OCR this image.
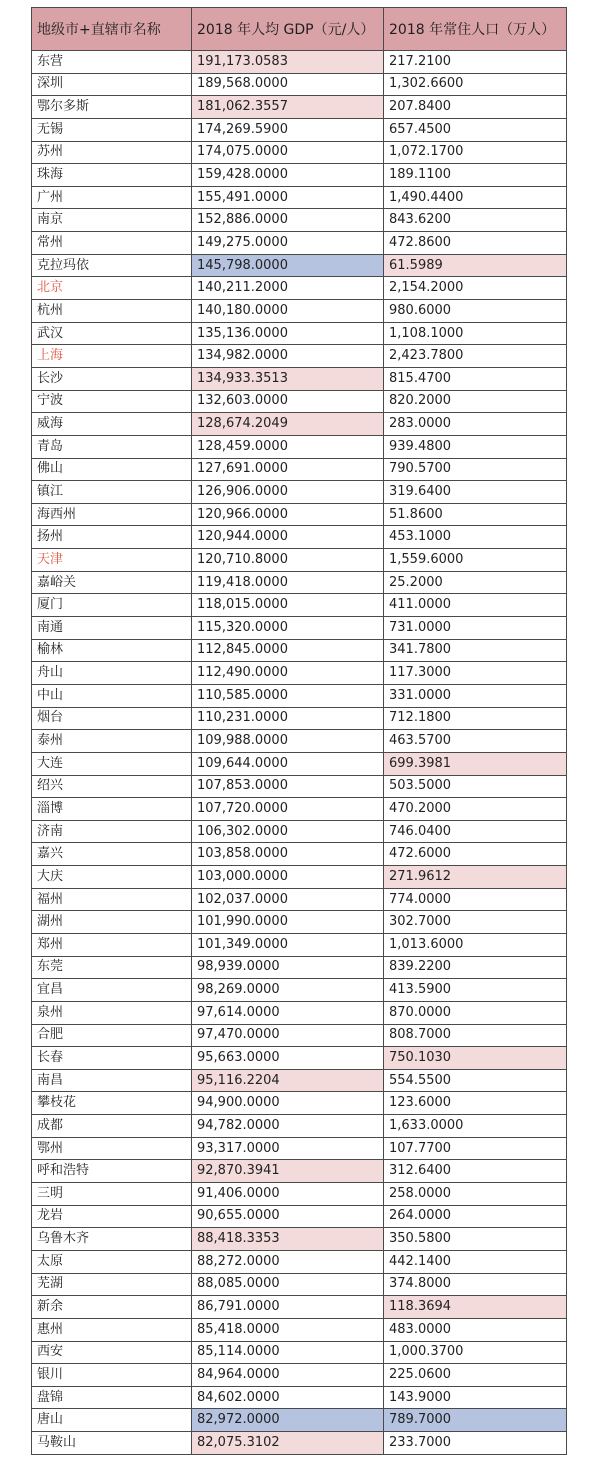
地级市+直辖市名称	2018 年人均 GDP（元/人）	2018 年常住人口（万人）
东营	191,173.0583	217.2100
深圳	189,568.0000	1,302.6600
鄂尔多斯	181,062.3557	207.8400
无锡	174,269.5900	657.4500
苏州	174,075.0000	1,072.1700
珠海	159,428.0000	189.1100
广州	155,491.0000	1,490.4400
南京	152,886.0000	843.6200
常州	149,275.0000	472.8600
克拉玛依	145,798.0000	61.5989
北京	140,211.2000	2,154.2000
杭州	140,180.0000	980.6000
武汉	135,136.0000	1,108.1000
上海	134,982.0000	2,423.7800
长沙	134,933.3513	815.4700
宁波	132,603.0000	820.2000
威海	128,674.2049	283.0000
青岛	128,459.0000	939.4800
佛山	127,691.0000	790.5700
镇江	126,906.0000	319.6400
海西州	120,966.0000	51.8600
扬州	120,944.0000	453.1000
天津	120,710.8000	1,559.6000
嘉峪关	119,418.0000	25.2000
厦门	118,015.0000	411.0000
南通	115,320.0000	731.0000
榆林	112,845.0000	341.7800
舟山	112,490.0000	117.3000
中山	110,585.0000	331.0000
烟台	110,231.0000	712.1800
泰州	109,988.0000	463.5700
大连	109,644.0000	699.3981
绍兴	107,853.0000	503.5000
淄博	107,720.0000	470.2000
济南	106,302.0000	746.0400
嘉兴	103,858.0000	472.6000
大庆	103,000.0000	271.9612
福州	102,037.0000	774.0000
湖州	101,990.0000	302.7000
郑州	101,349.0000	1,013.6000
东莞	98,939.0000	839.2200
宜昌	98,269.0000	413.5900
泉州	97,614.0000	870.0000
合肥	97,470.0000	808.7000
长春	95,663.0000	750.1030
南昌	95,116.2204	554.5500
攀枝花	94,900.0000	123.6000
成都	94,782.0000	1,633.0000
鄂州	93,317.0000	107.7700
呼和浩特	92,870.3941	312.6400
三明	91,406.0000	258.0000
龙岩	90,655.0000	264.0000
乌鲁木齐	88,418.3353	350.5800
太原	88,272.0000	442.1400
芜湖	88,085.0000	374.8000
新余	86,791.0000	118.3694
惠州	85,418.0000	483.0000
西安	85,114.0000	1,000.3700
银川	84,964.0000	225.0600
盘锦	84,602.0000	143.9000
唐山	82,972.0000	789.7000
马鞍山	82,075.3102	233.7000
